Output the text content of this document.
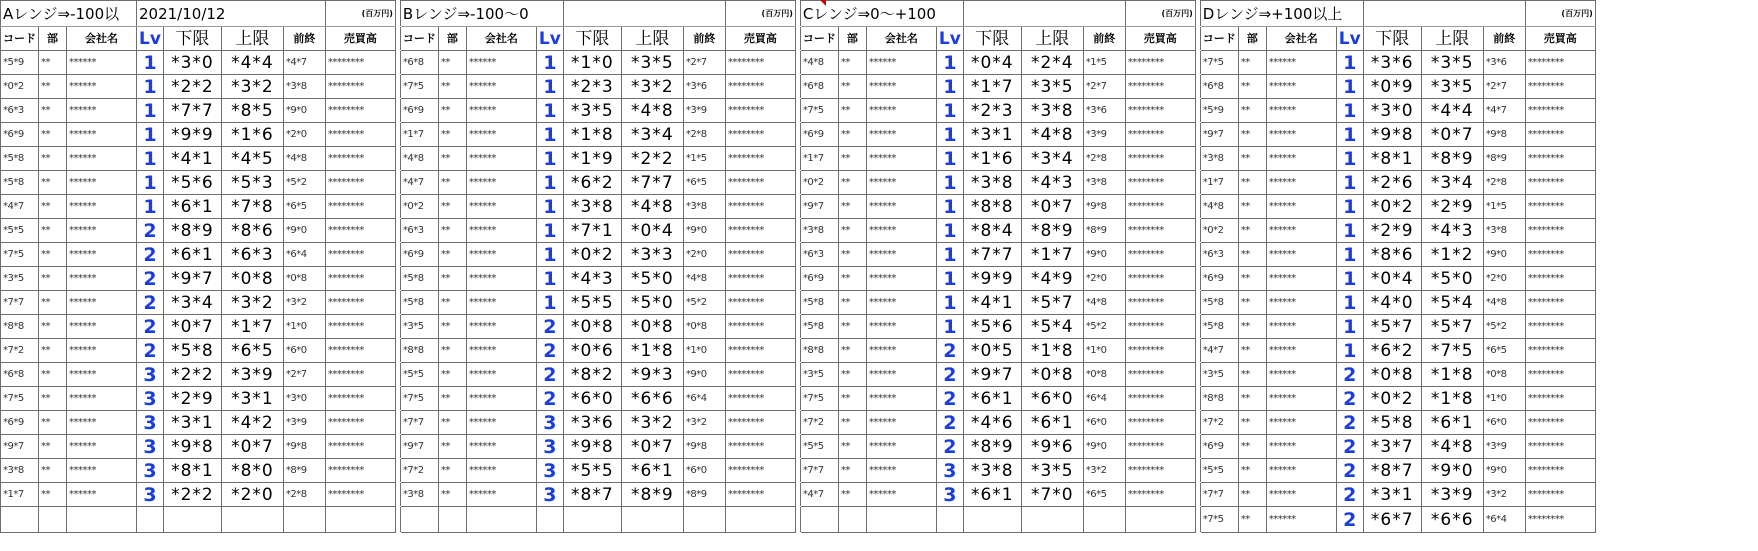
Aレンジ⇒-100以			2021/10/12				(百万円)		Bレンジ⇒-100～0							(百万円)		Cレンジ⇒0～+100							(百万円)		Dレンジ⇒+100以上							(百万円)
コード	部	会社名	Lv	下限	上限	前終	売買高		コード	部	会社名	Lv	下限	上限	前終	売買高		コード	部	会社名	Lv	下限	上限	前終	売買高		コード	部	会社名	Lv	下限	上限	前終	売買高
*5*9	**	******	1	*3*0	*4*4	*4*7	********		*6*8	**	******	1	*1*0	*3*5	*2*7	********		*4*8	**	******	1	*0*4	*2*4	*1*5	********		*7*5	**	******	1	*3*6	*3*5	*3*6	********
*0*2	**	******	1	*2*2	*3*2	*3*8	********		*7*5	**	******	1	*2*3	*3*2	*3*6	********		*6*8	**	******	1	*1*7	*3*5	*2*7	********		*6*8	**	******	1	*0*9	*3*5	*2*7	********
*6*3	**	******	1	*7*7	*8*5	*9*0	********		*6*9	**	******	1	*3*5	*4*8	*3*9	********		*7*5	**	******	1	*2*3	*3*8	*3*6	********		*5*9	**	******	1	*3*0	*4*4	*4*7	********
*6*9	**	******	1	*9*9	*1*6	*2*0	********		*1*7	**	******	1	*1*8	*3*4	*2*8	********		*6*9	**	******	1	*3*1	*4*8	*3*9	********		*9*7	**	******	1	*9*8	*0*7	*9*8	********
*5*8	**	******	1	*4*1	*4*5	*4*8	********		*4*8	**	******	1	*1*9	*2*2	*1*5	********		*1*7	**	******	1	*1*6	*3*4	*2*8	********		*3*8	**	******	1	*8*1	*8*9	*8*9	********
*5*8	**	******	1	*5*6	*5*3	*5*2	********		*4*7	**	******	1	*6*2	*7*7	*6*5	********		*0*2	**	******	1	*3*8	*4*3	*3*8	********		*1*7	**	******	1	*2*6	*3*4	*2*8	********
*4*7	**	******	1	*6*1	*7*8	*6*5	********		*0*2	**	******	1	*3*8	*4*8	*3*8	********		*9*7	**	******	1	*8*8	*0*7	*9*8	********		*4*8	**	******	1	*0*2	*2*9	*1*5	********
*5*5	**	******	2	*8*9	*8*6	*9*0	********		*6*3	**	******	1	*7*1	*0*4	*9*0	********		*3*8	**	******	1	*8*4	*8*9	*8*9	********		*0*2	**	******	1	*2*9	*4*3	*3*8	********
*7*5	**	******	2	*6*1	*6*3	*6*4	********		*6*9	**	******	1	*0*2	*3*3	*2*0	********		*6*3	**	******	1	*7*7	*1*7	*9*0	********		*6*3	**	******	1	*8*6	*1*2	*9*0	********
*3*5	**	******	2	*9*7	*0*8	*0*8	********		*5*8	**	******	1	*4*3	*5*0	*4*8	********		*6*9	**	******	1	*9*9	*4*9	*2*0	********		*6*9	**	******	1	*0*4	*5*0	*2*0	********
*7*7	**	******	2	*3*4	*3*2	*3*2	********		*5*8	**	******	1	*5*5	*5*0	*5*2	********		*5*8	**	******	1	*4*1	*5*7	*4*8	********		*5*8	**	******	1	*4*0	*5*4	*4*8	********
*8*8	**	******	2	*0*7	*1*7	*1*0	********		*3*5	**	******	2	*0*8	*0*8	*0*8	********		*5*8	**	******	1	*5*6	*5*4	*5*2	********		*5*8	**	******	1	*5*7	*5*7	*5*2	********
*7*2	**	******	2	*5*8	*6*5	*6*0	********		*8*8	**	******	2	*0*6	*1*8	*1*0	********		*8*8	**	******	2	*0*5	*1*8	*1*0	********		*4*7	**	******	1	*6*2	*7*5	*6*5	********
*6*8	**	******	3	*2*2	*3*9	*2*7	********		*5*5	**	******	2	*8*2	*9*3	*9*0	********		*3*5	**	******	2	*9*7	*0*8	*0*8	********		*3*5	**	******	2	*0*8	*1*8	*0*8	********
*7*5	**	******	3	*2*9	*3*1	*3*0	********		*7*5	**	******	2	*6*0	*6*6	*6*4	********		*7*5	**	******	2	*6*1	*6*0	*6*4	********		*8*8	**	******	2	*0*2	*1*8	*1*0	********
*6*9	**	******	3	*3*1	*4*2	*3*9	********		*7*7	**	******	3	*3*6	*3*2	*3*2	********		*7*2	**	******	2	*4*6	*6*1	*6*0	********		*7*2	**	******	2	*5*8	*6*1	*6*0	********
*9*7	**	******	3	*9*8	*0*7	*9*8	********		*9*7	**	******	3	*9*8	*0*7	*9*8	********		*5*5	**	******	2	*8*9	*9*6	*9*0	********		*6*9	**	******	2	*3*7	*4*8	*3*9	********
*3*8	**	******	3	*8*1	*8*0	*8*9	********		*7*2	**	******	3	*5*5	*6*1	*6*0	********		*7*7	**	******	3	*3*8	*3*5	*3*2	********		*5*5	**	******	2	*8*7	*9*0	*9*0	********
*1*7	**	******	3	*2*2	*2*0	*2*8	********		*3*8	**	******	3	*8*7	*8*9	*8*9	********		*4*7	**	******	3	*6*1	*7*0	*6*5	********		*7*7	**	******	2	*3*1	*3*9	*3*2	********
																											*7*5	**	******	2	*6*7	*6*6	*6*4	********
